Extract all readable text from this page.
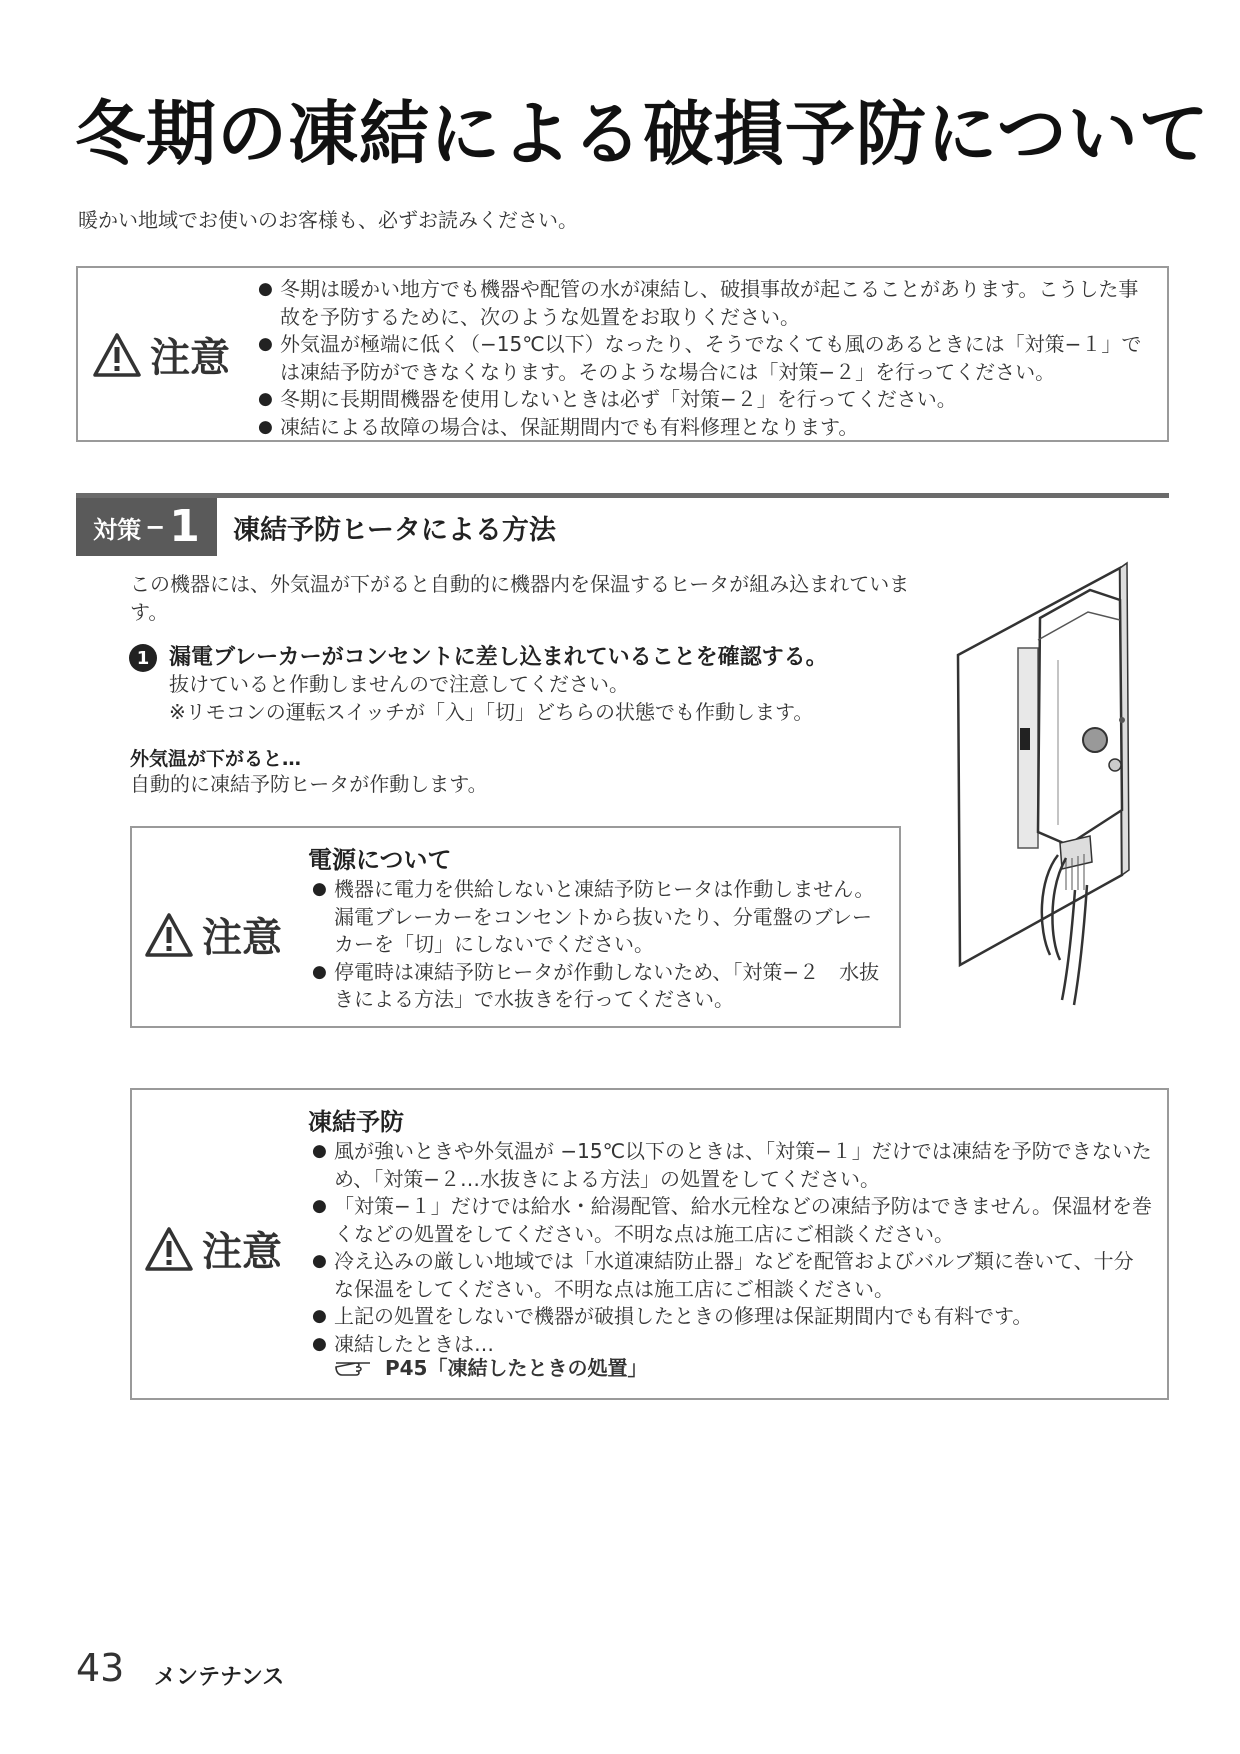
冬期の凍結による破損予防について
暖かい地域でお使いのお客様も、必ずお読みください。
注意
● 冬期は暖かい地方でも機器や配管の水が凍結し、破損事故が起こることがあります。こうした事故を予防するために、次のような処置をお取りください。
● 外気温が極端に低く（−15℃以下）なったり、そうでなくても風のあるときには「対策−１」では凍結予防ができなくなります。そのような場合には「対策−２」を行ってください。
● 冬期に長期間機器を使用しないときは必ず「対策−２」を行ってください。
● 凍結による故障の場合は、保証期間内でも有料修理となります。
対策 − 1 凍結予防ヒータによる方法
この機器には、外気温が下がると自動的に機器内を保温するヒータが組み込まれています。
1 漏電ブレーカーがコンセントに差し込まれていることを確認する。
抜けていると作動しませんので注意してください。
※リモコンの運転スイッチが「入」「切」どちらの状態でも作動します。
外気温が下がると…
自動的に凍結予防ヒータが作動します。
注意
電源について
● 機器に電力を供給しないと凍結予防ヒータは作動しません。漏電ブレーカーをコンセントから抜いたり、分電盤のブレーカーを「切」にしないでください。
● 停電時は凍結予防ヒータが作動しないため、「対策−２　水抜きによる方法」で水抜きを行ってください。
注意
凍結予防
● 風が強いときや外気温が −15℃以下のときは、「対策−１」だけでは凍結を予防できないため、「対策−２…水抜きによる方法」の処置をしてください。
● 「対策−１」だけでは給水・給湯配管、給水元栓などの凍結予防はできません。保温材を巻くなどの処置をしてください。不明な点は施工店にご相談ください。
● 冷え込みの厳しい地域では「水道凍結防止器」などを配管およびバルブ類に巻いて、十分な保温をしてください。不明な点は施工店にご相談ください。
● 上記の処置をしないで機器が破損したときの修理は保証期間内でも有料です。
● 凍結したときは…
P45「凍結したときの処置」
43 メンテナンス
